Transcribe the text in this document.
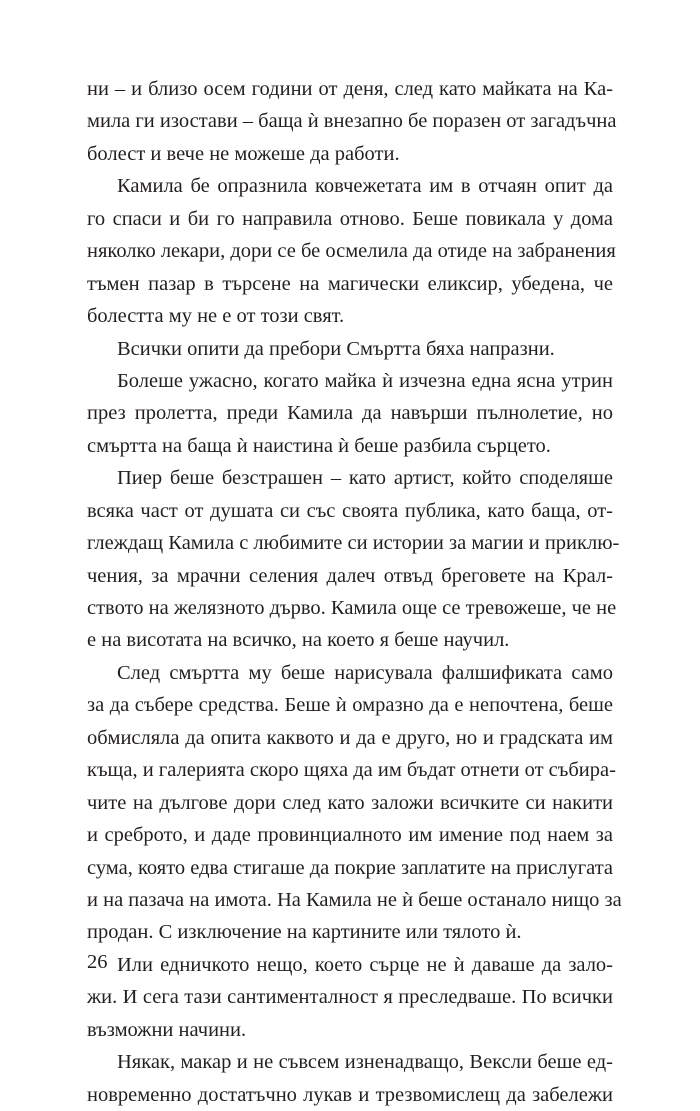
ни – и близо осем години от деня, след като майката на Ка-
мила ги изостави – баща ѝ внезапно бе поразен от загадъчна
болест и вече не можеше да работи.
Камила бе опразнила ковчежетата им в отчаян опит да
го спаси и би го направила отново. Беше повикала у дома
няколко лекари, дори се бе осмелила да отиде на забранения
тъмен пазар в търсене на магически еликсир, убедена, че
болестта му не е от този свят.
Всички опити да пребори Смъртта бяха напразни.
Болеше ужасно, когато майка ѝ изчезна една ясна утрин
през пролетта, преди Камила да навърши пълнолетие, но
смъртта на баща ѝ наистина ѝ беше разбила сърцето.
Пиер беше безстрашен – като артист, който споделяше
всяка част от душата си със своята публика, като баща, от-
глеждащ Камила с любимите си истории за магии и приклю-
чения, за мрачни селения далеч отвъд бреговете на Крал-
ството на желязното дърво. Камила още се тревожеше, че не
е на висотата на всичко, на което я беше научил.
След смъртта му беше нарисувала фалшификата само
за да събере средства. Беше ѝ омразно да е непочтена, беше
обмисляла да опита каквото и да е друго, но и градската им
къща, и галерията скоро щяха да им бъдат отнети от събира-
чите на дългове дори след като заложи всичките си накити
и среброто, и даде провинциалното им имение под наем за
сума, която едва стигаше да покрие заплатите на прислугата
и на пазача на имота. На Камила не ѝ беше останало нищо за
продан. С изключение на картините или тялото ѝ.
Или едничкото нещо, което сърце не ѝ даваше да зало-
жи. И сега тази сантименталност я преследваше. По всички
възможни начини.
Някак, макар и не съвсем изненадващо, Вексли беше ед-
новременно достатъчно лукав и трезвомислещ да забележи
26
